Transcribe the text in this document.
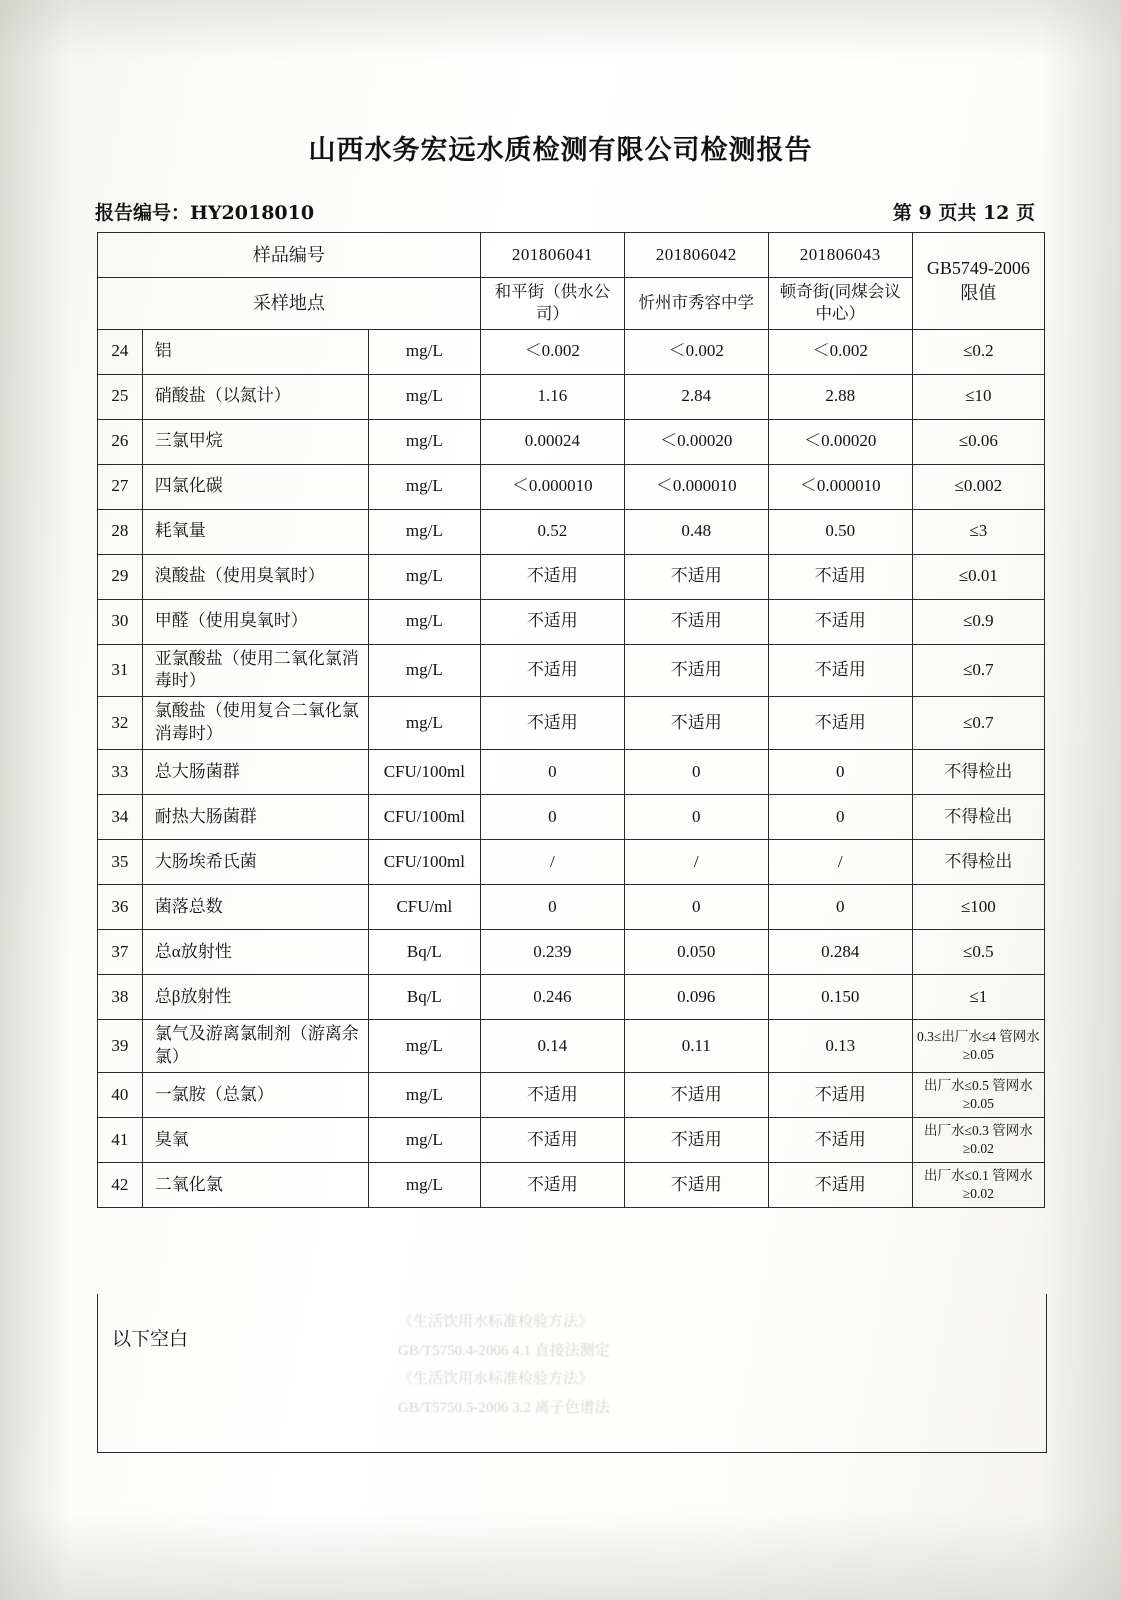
山西水务宏远水质检测有限公司检测报告
报告编号：HY2018010	第 9 页共 12 页
样品编号			201806041	201806042	201806043	GB5749-2006 限值
采样地点			和平街（供水公司）	忻州市秀容中学	顿奇街(同煤会议中心）	
24	铝	mg/L	＜0.002	＜0.002	＜0.002	≤0.2
25	硝酸盐（以氮计）	mg/L	1.16	2.84	2.88	≤10
26	三氯甲烷	mg/L	0.00024	＜0.00020	＜0.00020	≤0.06
27	四氯化碳	mg/L	＜0.000010	＜0.000010	＜0.000010	≤0.002
28	耗氧量	mg/L	0.52	0.48	0.50	≤3
29	溴酸盐（使用臭氧时）	mg/L	不适用	不适用	不适用	≤0.01
30	甲醛（使用臭氧时）	mg/L	不适用	不适用	不适用	≤0.9
31	亚氯酸盐（使用二氧化氯消毒时）	mg/L	不适用	不适用	不适用	≤0.7
32	氯酸盐（使用复合二氧化氯消毒时）	mg/L	不适用	不适用	不适用	≤0.7
33	总大肠菌群	CFU/100ml	0	0	0	不得检出
34	耐热大肠菌群	CFU/100ml	0	0	0	不得检出
35	大肠埃希氏菌	CFU/100ml	/	/	/	不得检出
36	菌落总数	CFU/ml	0	0	0	≤100
37	总α放射性	Bq/L	0.239	0.050	0.284	≤0.5
38	总β放射性	Bq/L	0.246	0.096	0.150	≤1
39	氯气及游离氯制剂（游离余氯）	mg/L	0.14	0.11	0.13	0.3≤出厂水≤4 管网水≥0.05
40	一氯胺（总氯）	mg/L	不适用	不适用	不适用	出厂水≤0.5 管网水≥0.05
41	臭氧	mg/L	不适用	不适用	不适用	出厂水≤0.3 管网水≥0.02
42	二氧化氯	mg/L	不适用	不适用	不适用	出厂水≤0.1 管网水≥0.02
以下空白
《生活饮用水标准检验方法》
GB/T5750.4-2006 4.1 直接法测定
《生活饮用水标准检验方法》
GB/T5750.5-2006 3.2 离子色谱法
